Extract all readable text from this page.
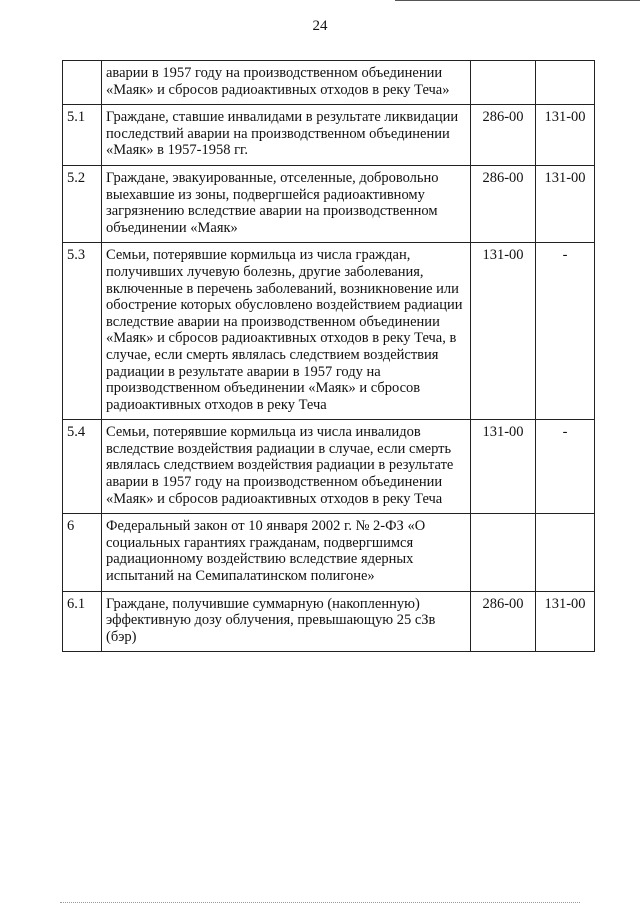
24
	аварии в 1957 году на производственном объединении «Маяк» и сбросов радиоактивных отходов в реку Теча»		
5.1	Граждане, ставшие инвалидами в результате ликвидации последствий аварии на производственном объединении «Маяк» в 1957-1958 гг.	286-00	131-00
5.2	Граждане, эвакуированные, отселенные, добровольно выехавшие из зоны, подвергшейся радиоактивному загрязнению вследствие аварии на производственном объединении «Маяк»	286-00	131-00
5.3	Семьи, потерявшие кормильца из числа граждан, получивших лучевую болезнь, другие заболевания, включенные в перечень заболеваний, возникновение или обострение которых обусловлено воздействием радиации вследствие аварии на производственном объединении «Маяк» и сбросов радиоактивных отходов в реку Теча, в случае, если смерть являлась следствием воздействия радиации в результате аварии в 1957 году на производственном объединении «Маяк» и сбросов радиоактивных отходов в реку Теча	131-00	-
5.4	Семьи, потерявшие кормильца из числа инвалидов вследствие воздействия радиации в случае, если смерть являлась следствием воздействия радиации в результате аварии в 1957 году на производственном объединении «Маяк» и сбросов радиоактивных отходов в реку Теча	131-00	-
6	Федеральный закон от 10 января 2002 г. № 2-ФЗ «О социальных гарантиях гражданам, подвергшимся радиационному воздействию вследствие ядерных испытаний на Семипалатинском полигоне»		
6.1	Граждане, получившие суммарную (накопленную) эффективную дозу облучения, превышающую 25 сЗв (бэр)	286-00	131-00
